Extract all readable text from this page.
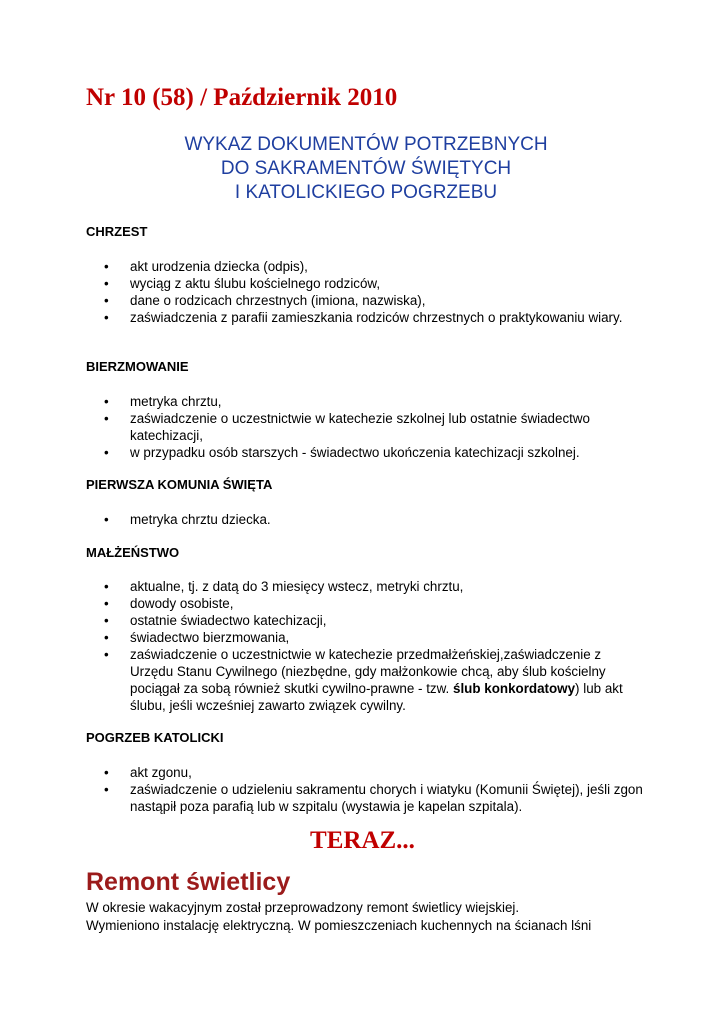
Nr 10 (58) / Październik 2010
WYKAZ DOKUMENTÓW POTRZEBNYCH
DO SAKRAMENTÓW ŚWIĘTYCH
I KATOLICKIEGO POGRZEBU
CHRZEST
• akt urodzenia dziecka (odpis),
• wyciąg z aktu ślubu kościelnego rodziców,
• dane o rodzicach chrzestnych (imiona, nazwiska),
• zaświadczenia z parafii zamieszkania rodziców chrzestnych o praktykowaniu wiary.
BIERZMOWANIE
• metryka chrztu,
• zaświadczenie o uczestnictwie w katechezie szkolnej lub ostatnie świadectwo katechizacji,
• w przypadku osób starszych - świadectwo ukończenia katechizacji szkolnej.
PIERWSZA KOMUNIA ŚWIĘTA
• metryka chrztu dziecka.
MAŁŻEŃSTWO
• aktualne, tj. z datą do 3 miesięcy wstecz, metryki chrztu,
• dowody osobiste,
• ostatnie świadectwo katechizacji,
• świadectwo bierzmowania,
• zaświadczenie o uczestnictwie w katechezie przedmałżeńskiej,zaświadczenie z Urzędu Stanu Cywilnego (niezbędne, gdy małżonkowie chcą, aby ślub kościelny pociągał za sobą również skutki cywilno-prawne - tzw. ślub konkordatowy) lub akt ślubu, jeśli wcześniej zawarto związek cywilny.
POGRZEB KATOLICKI
• akt zgonu,
• zaświadczenie o udzieleniu sakramentu chorych i wiatyku (Komunii Świętej), jeśli zgon nastąpił poza parafią lub w szpitalu (wystawia je kapelan szpitala).
TERAZ...
Remont świetlicy
W okresie wakacyjnym został przeprowadzony remont świetlicy wiejskiej.
Wymieniono instalację elektryczną. W pomieszczeniach kuchennych na ścianach lśni
